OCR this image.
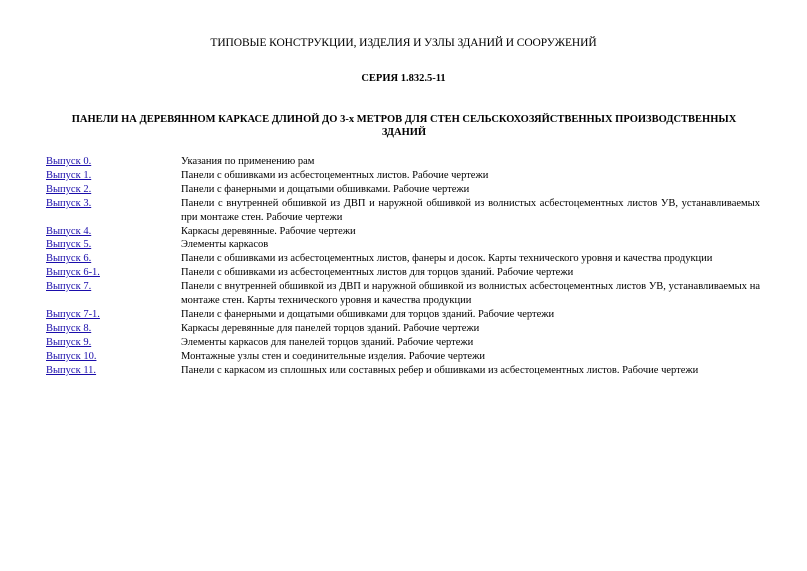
ТИПОВЫЕ КОНСТРУКЦИИ, ИЗДЕЛИЯ И УЗЛЫ ЗДАНИЙ И СООРУЖЕНИЙ
СЕРИЯ 1.832.5-11
ПАНЕЛИ НА ДЕРЕВЯННОМ КАРКАСЕ ДЛИНОЙ ДО 3-х МЕТРОВ ДЛЯ СТЕН СЕЛЬСКОХОЗЯЙСТВЕННЫХ ПРОИЗВОДСТВЕННЫХ ЗДАНИЙ
Выпуск 0.	Указания по применению рам
Выпуск 1.	Панели с обшивками из асбестоцементных листов. Рабочие чертежи
Выпуск 2.	Панели с фанерными и дощатыми обшивками. Рабочие чертежи
Выпуск 3.	Панели с внутренней обшивкой из ДВП и наружной обшивкой из волнистых асбестоцементных листов УВ, устанавливаемых при монтаже стен. Рабочие чертежи
Выпуск 4.	Каркасы деревянные. Рабочие чертежи
Выпуск 5.	Элементы каркасов
Выпуск 6.	Панели с обшивками из асбестоцементных листов, фанеры и досок. Карты технического уровня и качества продукции
Выпуск 6-1.	Панели с обшивками из асбестоцементных листов для торцов зданий. Рабочие чертежи
Выпуск 7.	Панели с внутренней обшивкой из ДВП и наружной обшивкой из волнистых асбестоцементных листов УВ, устанавливаемых на монтаже стен. Карты технического уровня и качества продукции
Выпуск 7-1.	Панели с фанерными и дощатыми обшивками для торцов зданий. Рабочие чертежи
Выпуск 8.	Каркасы деревянные для панелей торцов зданий. Рабочие чертежи
Выпуск 9.	Элементы каркасов для панелей торцов зданий. Рабочие чертежи
Выпуск 10.	Монтажные узлы стен и соединительные изделия. Рабочие чертежи
Выпуск 11.	Панели с каркасом из сплошных или составных ребер и обшивками из асбестоцементных листов. Рабочие чертежи
